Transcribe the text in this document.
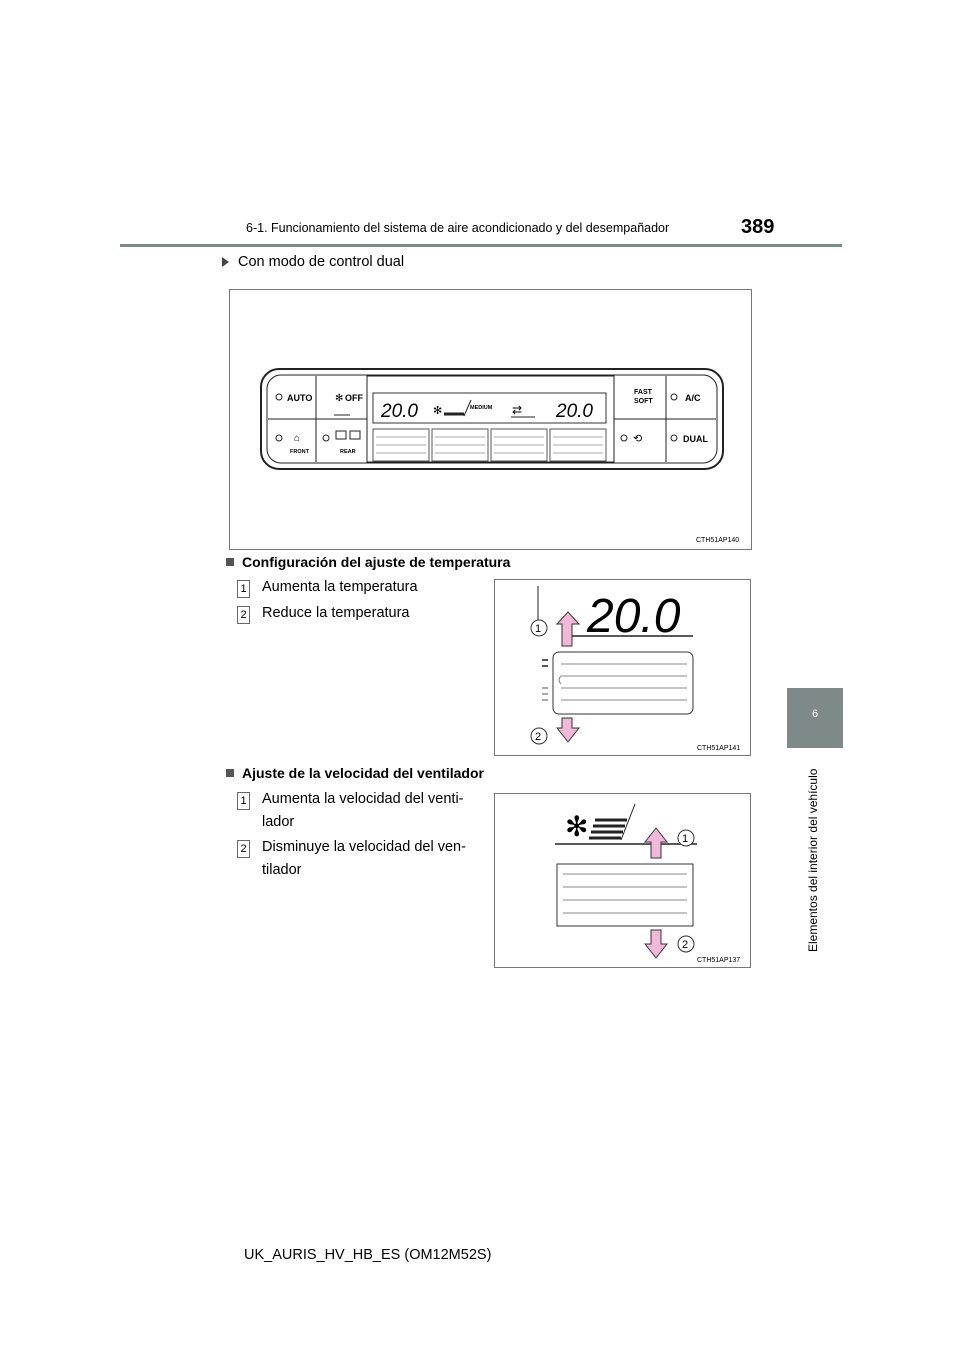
6-1. Funcionamiento del sistema de aire acondicionado y del desempañador	389
6
Elementos del interior del vehículo
Con modo de control dual
AUTO ✻ OFF
FAST
SOFT	A/C
⌂
FRONT	REAR
⟲	DUAL
20.0 ✻	MEDIUM ⇄ 20.0
CTH51AP140
Configuración del ajuste de temperatura
1 Aumenta la temperatura
2 Reduce la temperatura	20.0
1
2
CTH51AP141
Ajuste de la velocidad del ventilador
1 Aumenta la velocidad del venti-
lador
2 Disminuye la velocidad del ven-
tilador
✻	1
2
CTH51AP137
UK_AURIS_HV_HB_ES (OM12M52S)
